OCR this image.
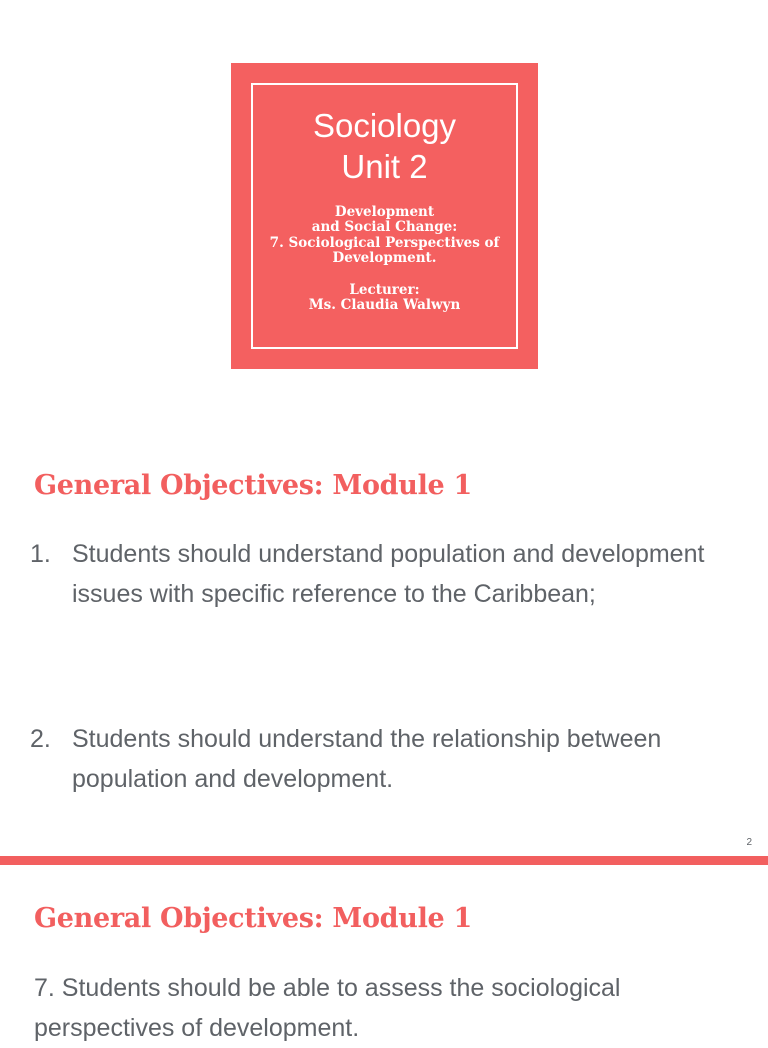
Sociology
Unit 2
Development
and Social Change:
7. Sociological Perspectives of
Development.
Lecturer:
Ms. Claudia Walwyn
General Objectives: Module 1
1. Students should understand population and development issues with specific reference to the Caribbean;
2. Students should understand the relationship between population and development.
2
General Objectives: Module 1
7. Students should be able to assess the sociological perspectives of development.
